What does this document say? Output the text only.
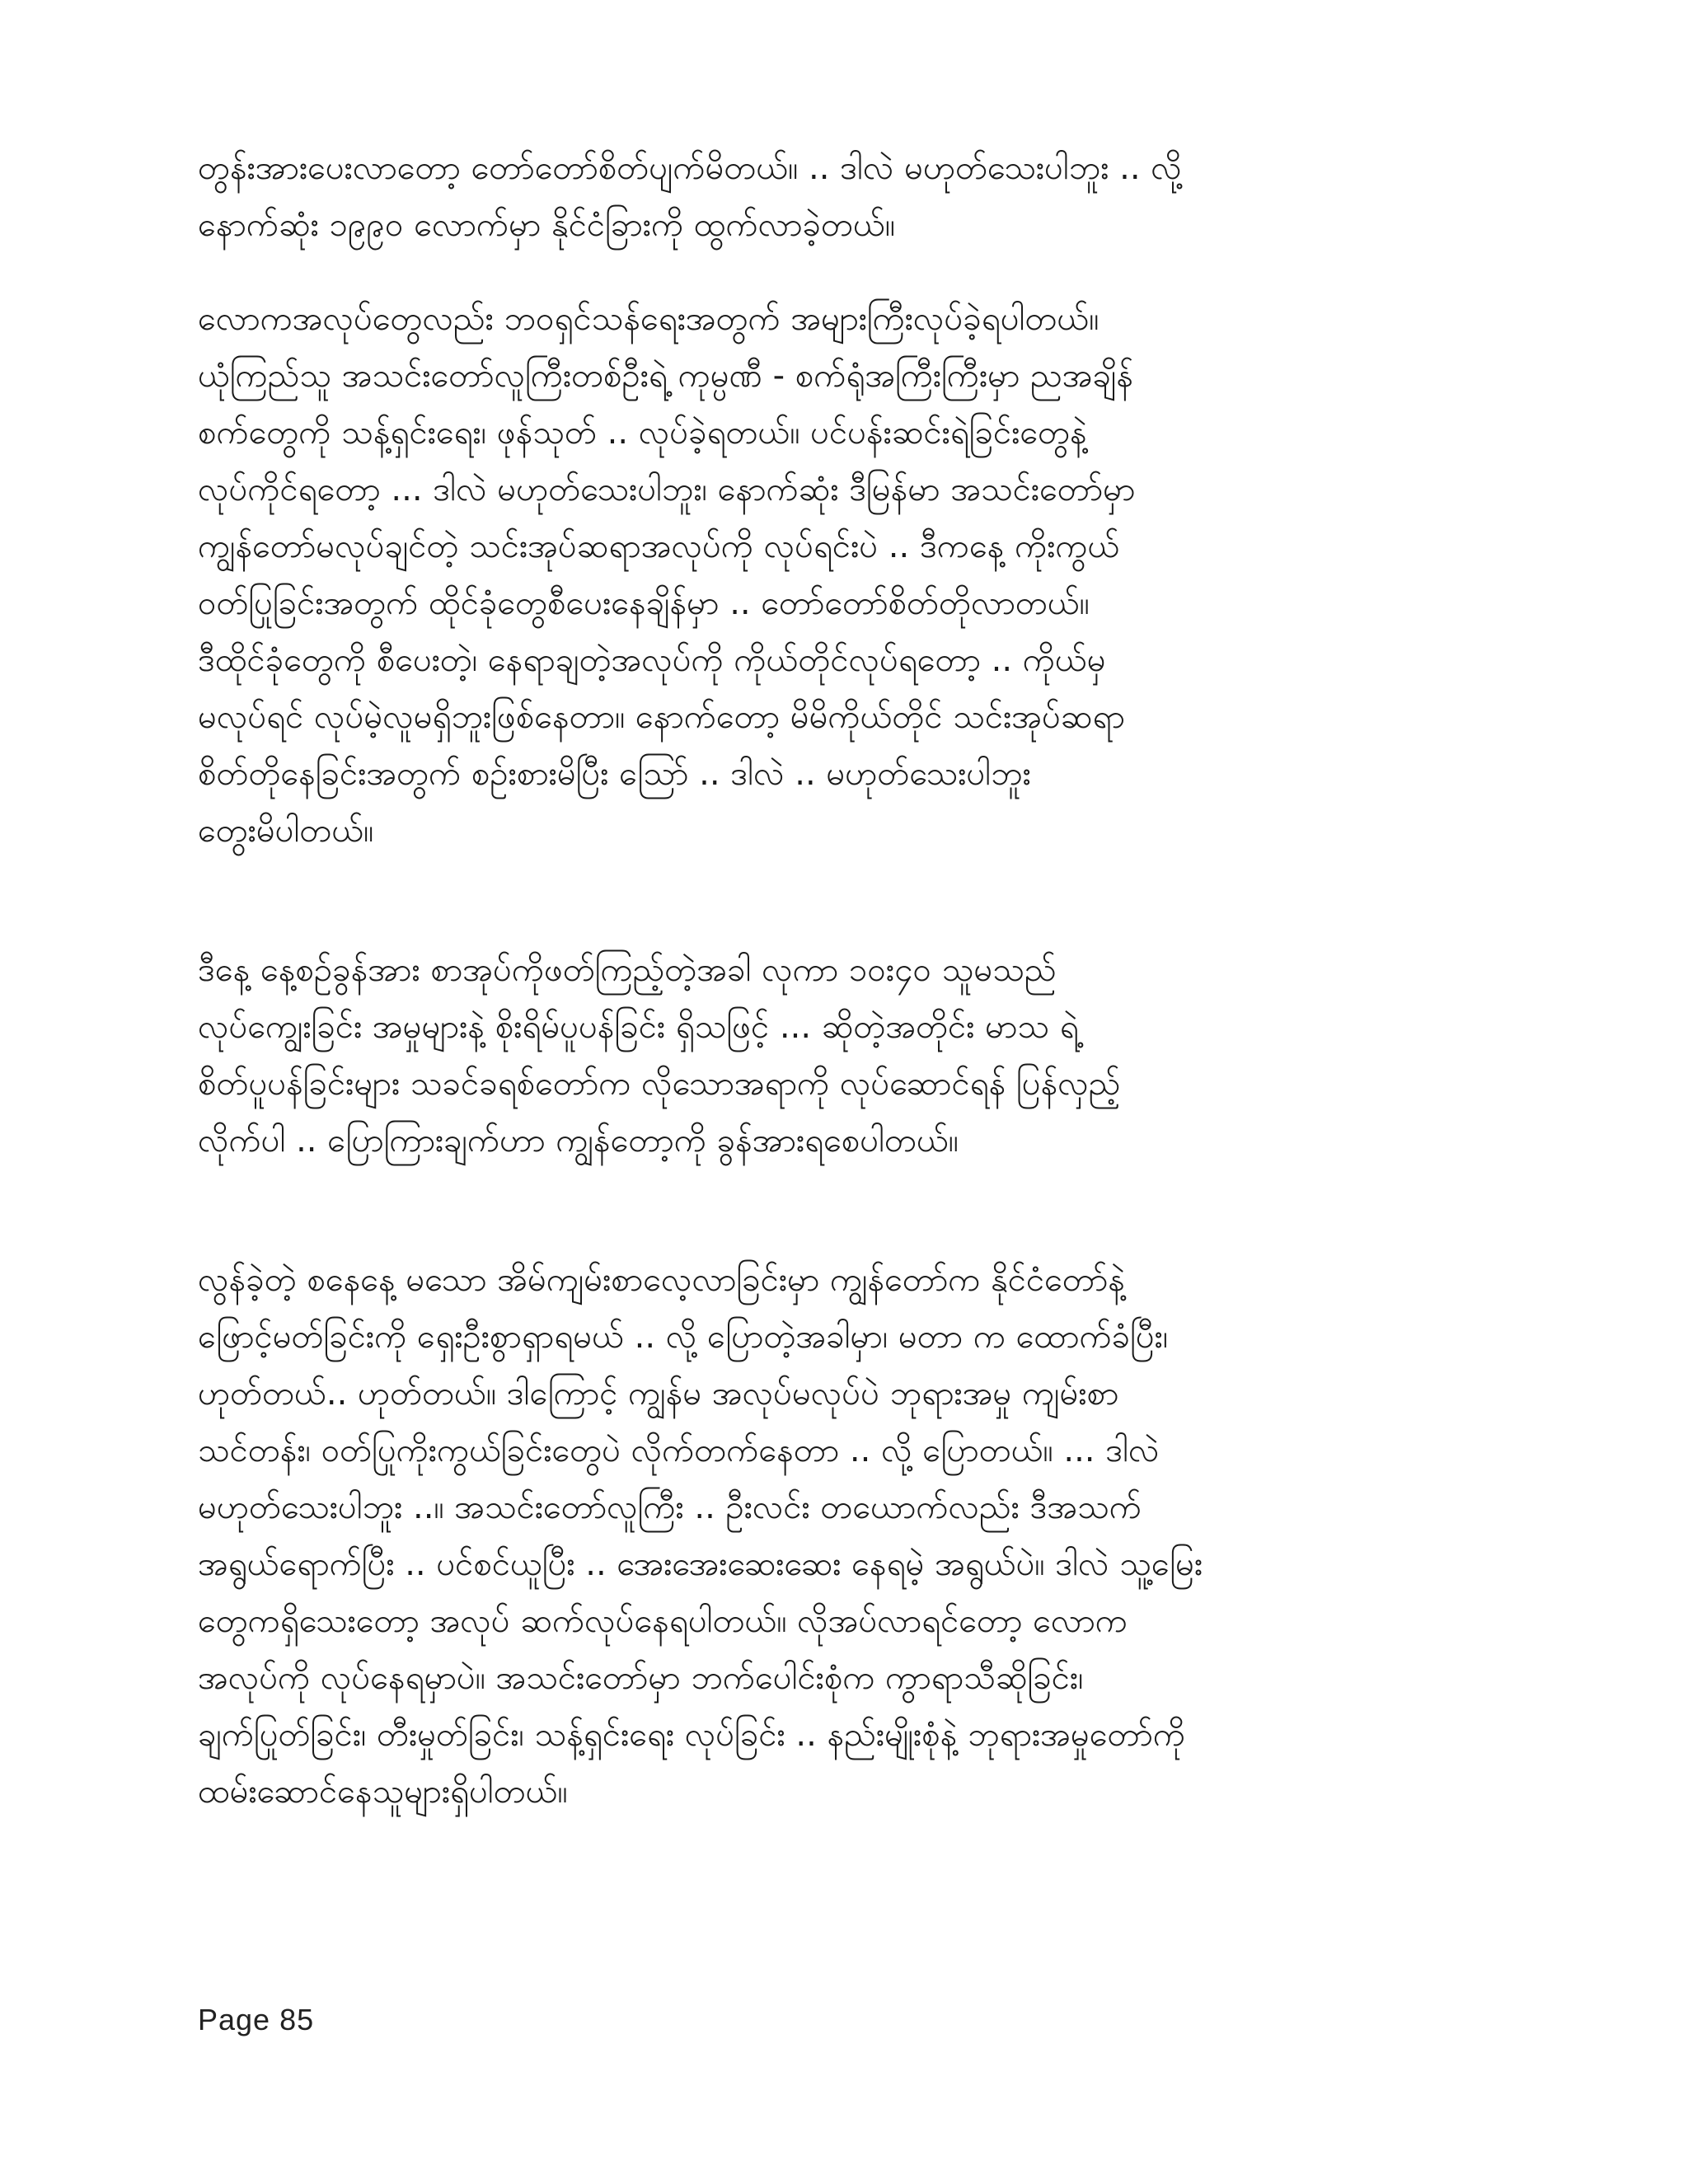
တွန်းအားပေးလာတော့ တော်တော်စိတ်ပျက်မိတယ်။ .. ဒါလဲ မဟုတ်သေးပါဘူး .. လို့
နောက်ဆုံး ၁၉၉၀ လောက်မှာ နိုင်ငံခြားကို ထွက်လာခဲ့တယ်။

လောကအလုပ်တွေလည်း ဘဝရှင်သန်ရေးအတွက် အများကြီးလုပ်ခဲ့ရပါတယ်။
ယုံကြည်သူ အသင်းတော်လူကြီးတစ်ဦးရဲ့ ကုမ္ပဏီ - စက်ရုံအကြီးကြီးမှာ ညအချိန်
စက်တွေကို သန့်ရှင်းရေး၊ ဖုန်သုတ် .. လုပ်ခဲ့ရတယ်။ ပင်ပန်းဆင်းရဲခြင်းတွေနဲ့
လုပ်ကိုင်ရတော့ ... ဒါလဲ မဟုတ်သေးပါဘူး၊ နောက်ဆုံး ဒီမြန်မာ အသင်းတော်မှာ
ကျွန်တော်မလုပ်ချင်တဲ့ သင်းအုပ်ဆရာအလုပ်ကို လုပ်ရင်းပဲ .. ဒီကနေ့ ကိုးကွယ်
ဝတ်ပြုခြင်းအတွက် ထိုင်ခုံတွေစီပေးနေချိန်မှာ .. တော်တော်စိတ်တိုလာတယ်။
ဒီထိုင်ခုံတွေကို စီပေးတဲ့၊ နေရာချတဲ့အလုပ်ကို ကိုယ်တိုင်လုပ်ရတော့ .. ကိုယ်မှ
မလုပ်ရင် လုပ်မဲ့လူမရှိဘူးဖြစ်နေတာ။ နောက်တော့ မိမိကိုယ်တိုင် သင်းအုပ်ဆရာ
စိတ်တိုနေခြင်းအတွက် စဉ်းစားမိပြီး သြော် .. ဒါလဲ .. မဟုတ်သေးပါဘူး
တွေးမိပါတယ်။

ဒီနေ့ နေ့စဉ်ခွန်အား စာအုပ်ကိုဖတ်ကြည့်တဲ့အခါ လုကာ ၁၀း၄၀ သူမသည်
လုပ်ကျွေးခြင်း အမှုများနဲ့ စိုးရိမ်ပူပန်ခြင်း ရှိသဖြင့် ... ဆိုတဲ့အတိုင်း မာသ ရဲ့
စိတ်ပူပန်ခြင်းများ သခင်ခရစ်တော်က လိုသောအရာကို လုပ်ဆောင်ရန် ပြန်လှည့်
လိုက်ပါ .. ပြောကြားချက်ဟာ ကျွန်တော့ကို ခွန်အားရစေပါတယ်။

လွန်ခဲ့တဲ့ စနေနေ့ မသော အိမ်ကျမ်းစာလေ့လာခြင်းမှာ ကျွန်တော်က နိုင်ငံတော်နဲ့
ဖြောင့်မတ်ခြင်းကို ရှေးဦးစွာရှာရမယ် .. လို့ ပြောတဲ့အခါမှာ၊ မတာ က ထောက်ခံပြီး၊
ဟုတ်တယ်.. ဟုတ်တယ်။ ဒါကြောင့် ကျွန်မ အလုပ်မလုပ်ပဲ ဘုရားအမှု ကျမ်းစာ
သင်တန်း၊ ဝတ်ပြုကိုးကွယ်ခြင်းတွေပဲ လိုက်တက်နေတာ .. လို့ ပြောတယ်။ ... ဒါလဲ
မဟုတ်သေးပါဘူး ..။ အသင်းတော်လူကြီး .. ဦးလင်း တယောက်လည်း ဒီအသက်
အရွယ်ရောက်ပြီး .. ပင်စင်ယူပြီး .. အေးအေးဆေးဆေး နေရမဲ့ အရွယ်ပဲ။ ဒါလဲ သူ့မြေး
တွေကရှိသေးတော့ အလုပ် ဆက်လုပ်နေရပါတယ်။ လိုအပ်လာရင်တော့ လောက
အလုပ်ကို လုပ်နေရမှာပဲ။ အသင်းတော်မှာ ဘက်ပေါင်းစုံက ကွာရာသီဆိုခြင်း၊
ချက်ပြုတ်ခြင်း၊ တီးမှုတ်ခြင်း၊ သန့်ရှင်းရေး လုပ်ခြင်း .. နည်းမျိုးစုံနဲ့ ဘုရားအမှုတော်ကို
ထမ်းဆောင်နေသူများရှိပါတယ်။

Page 85
